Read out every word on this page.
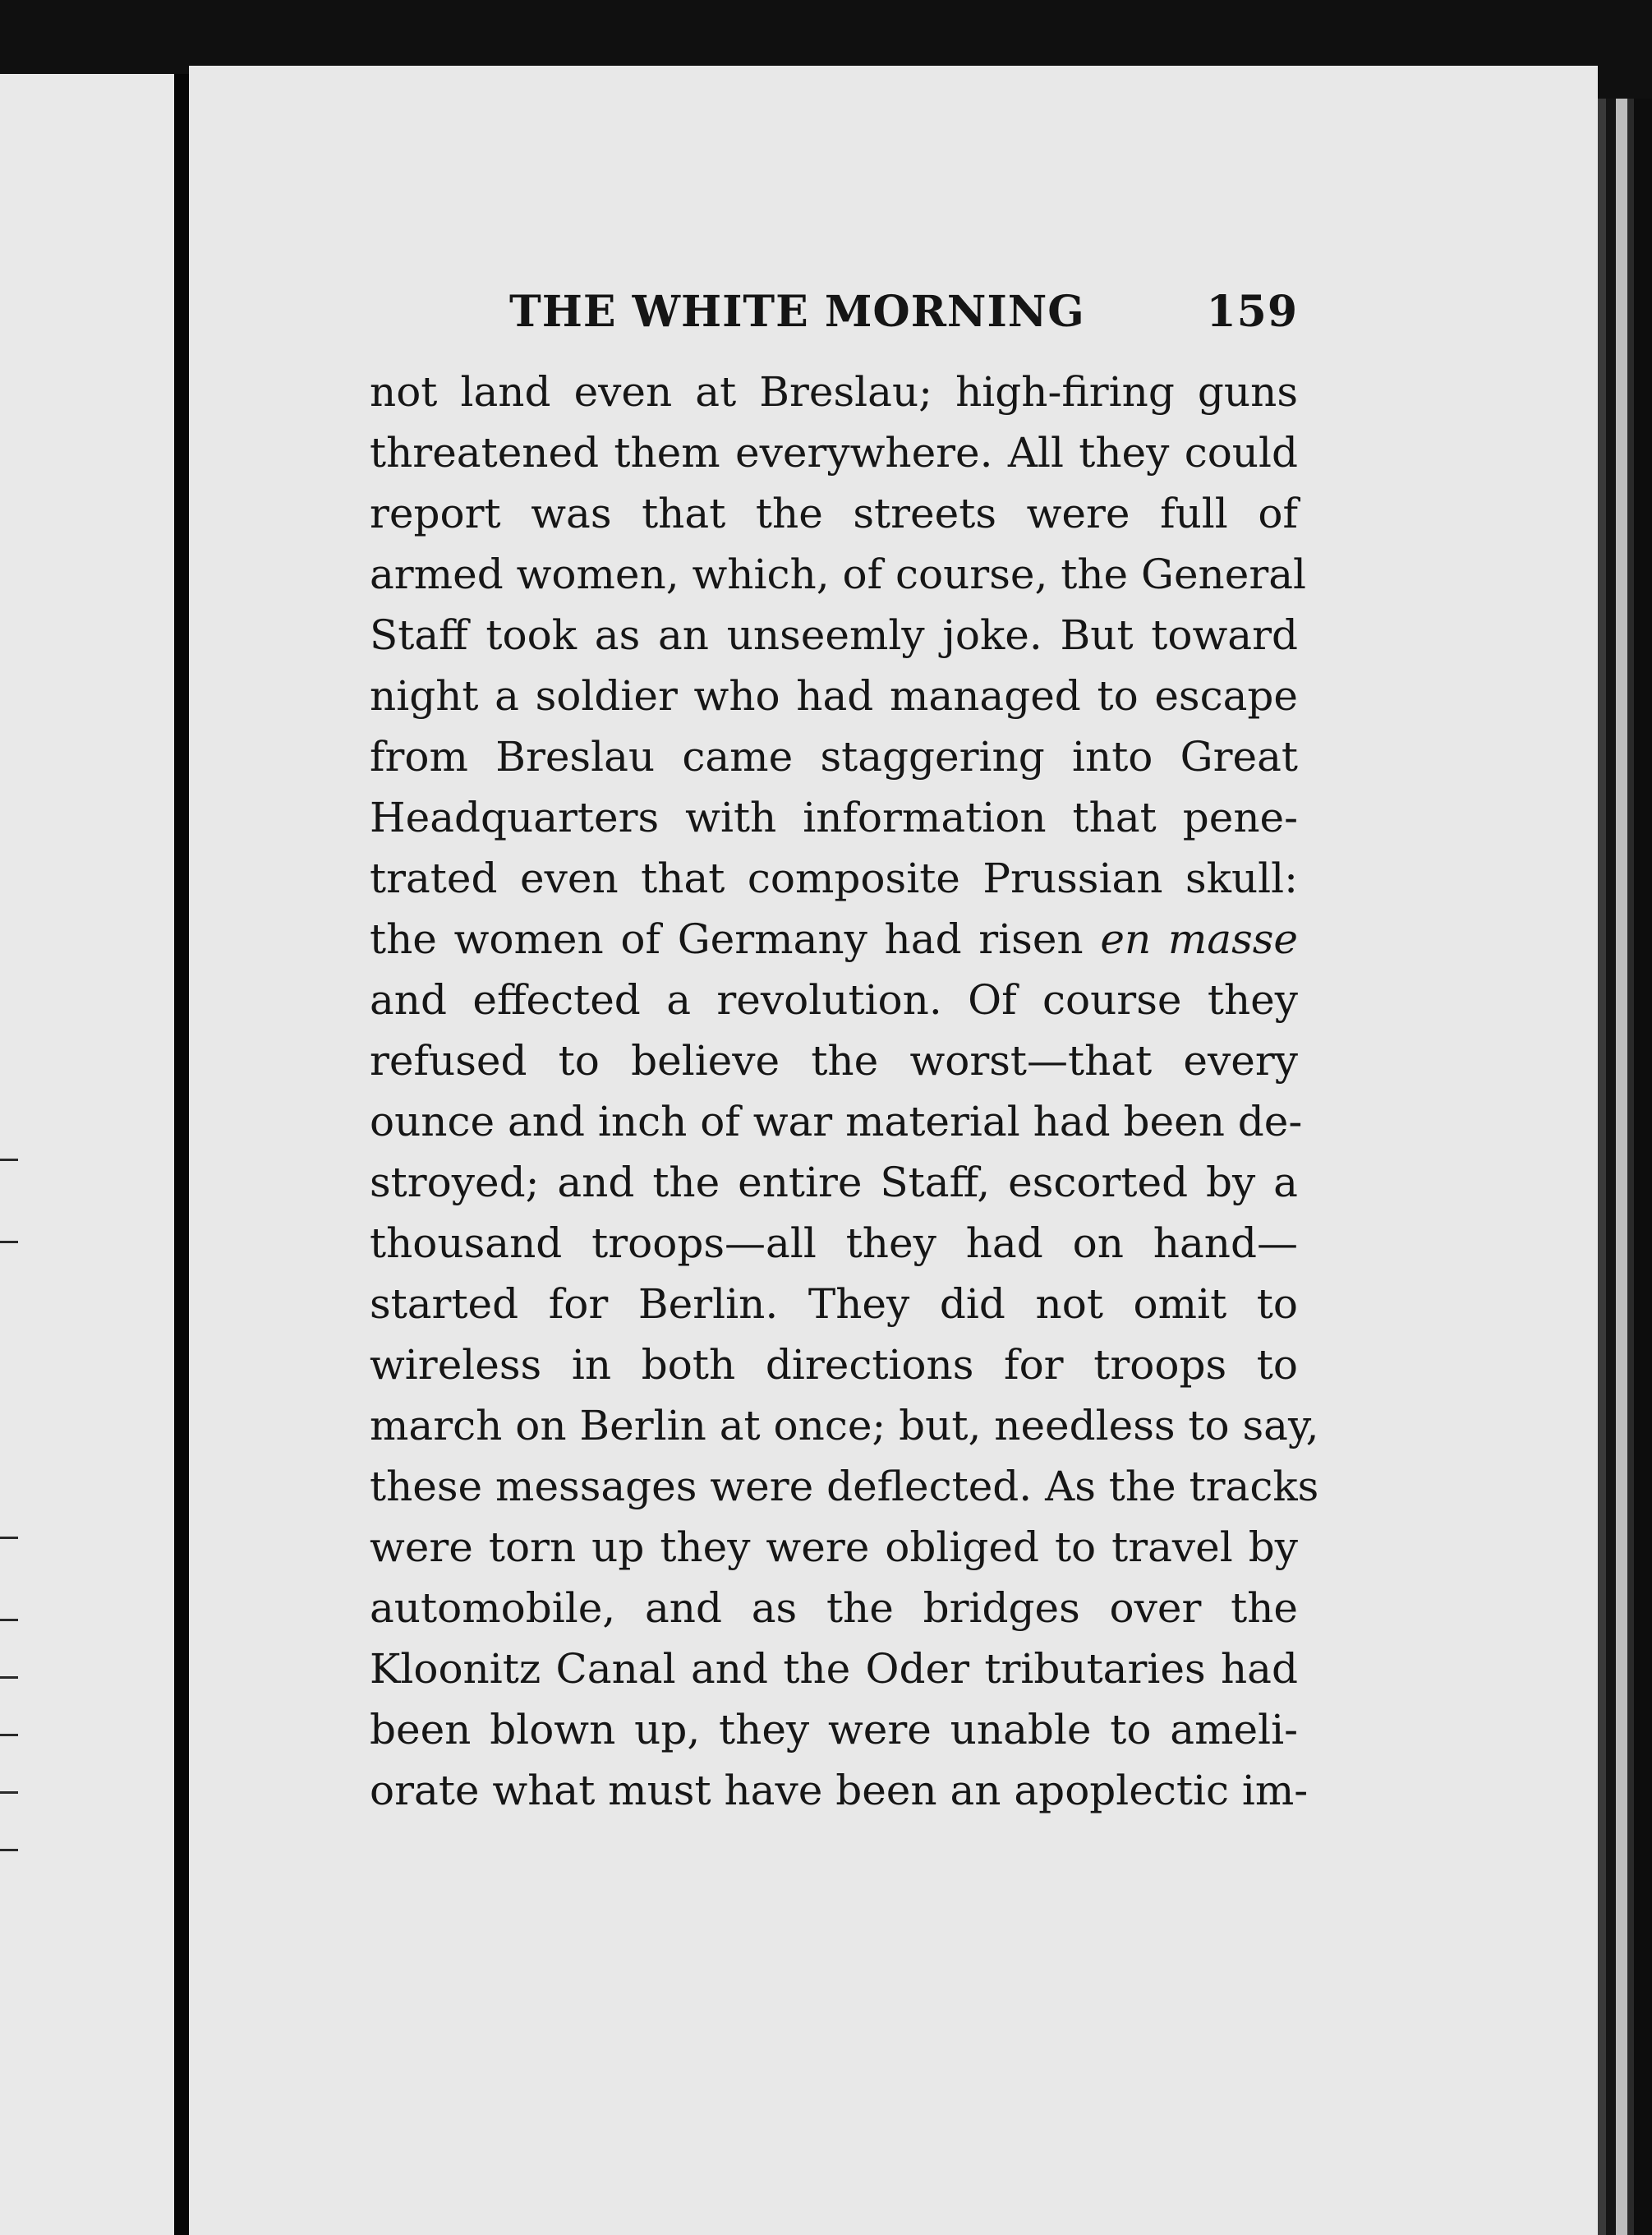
THE WHITE MORNING	159
not land even at Breslau; high-firing guns
threatened them everywhere. All they could
report was that the streets were full of
armed women, which, of course, the General
Staff took as an unseemly joke. But toward
night a soldier who had managed to escape
from Breslau came staggering into Great
Headquarters with information that pene-
trated even that composite Prussian skull:
the women of Germany had risen en masse
and effected a revolution. Of course they
refused to believe the worst—that every
ounce and inch of war material had been de-
stroyed; and the entire Staff, escorted by a
thousand troops—all they had on hand—
started for Berlin. They did not omit to
wireless in both directions for troops to
march on Berlin at once; but, needless to say,
these messages were deflected. As the tracks
were torn up they were obliged to travel by
automobile, and as the bridges over the
Kloonitz Canal and the Oder tributaries had
been blown up, they were unable to ameli-
orate what must have been an apoplectic im-
